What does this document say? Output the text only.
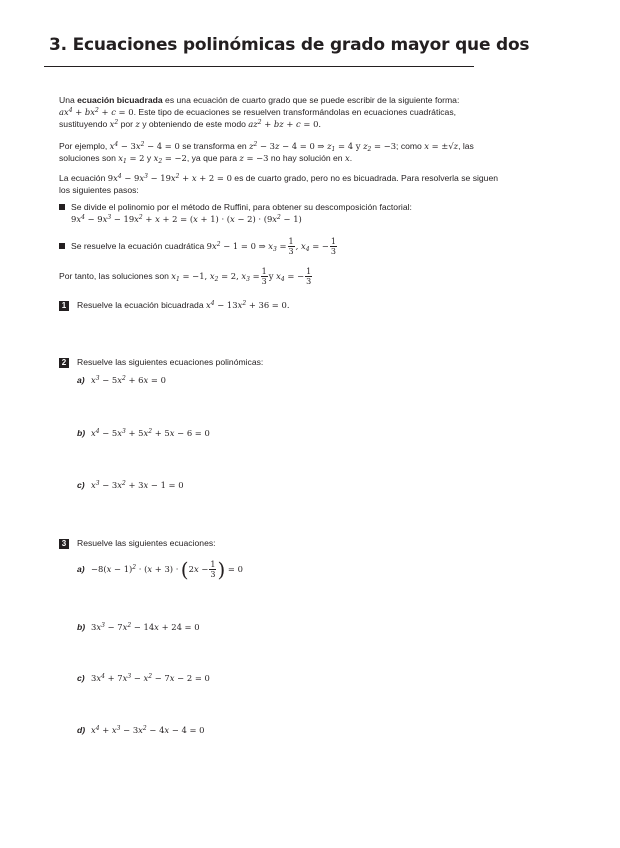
3. Ecuaciones polinómicas de grado mayor que dos
Una ecuación bicuadrada es una ecuación de cuarto grado que se puede escribir de la siguiente forma:
$ax^4 + bx^2 + c = 0$. Este tipo de ecuaciones se resuelven transformándolas en ecuaciones cuadráticas,
sustituyendo $x^2$ por z y obteniendo de este modo $az^2$ + bz + c = 0.
Por ejemplo, $x^4 - 3x^2 - 4 = 0$ se transforma en $z^2 - 3z - 4 = 0$ ⇒ $z_1 = 4$ y $z_2 = -3$; como x = ±√z, las
soluciones son $x_1 = 2$ y $x_2 = -2$, ya que para z = −3 no hay solución en x.
La ecuación $9x^4 - 9x^3 - 19x^2 + x + 2 = 0$ es de cuarto grado, pero no es bicuadrada. Para resolverla se siguen
los siguientes pasos:
Se divide el polinomio por el método de Ruffini, para obtener su descomposición factorial:
$9x^4 - 9x^3 - 19x^2 + x + 2 = (x + 1) \cdot (x - 2) \cdot (9x^2 - 1)$
Se resuelve la ecuación cuadrática $9x^2 - 1 = 0$ ⇒ $x_3 = \frac{1}{3}$ , $x_4$ = − $\frac{1}{3}$
Por tanto, las soluciones son $x_1 = -1$, $x_2 = 2$, $x_3 = \frac{1}{3}$ y $x_4$ = − $\frac{1}{3}$
1	Resuelve la ecuación bicuadrada $x^4 - 13x^2 + 36 = 0$.
2	Resuelve las siguientes ecuaciones polinómicas:
a) $x^3 - 5x^2 + 6x = 0$
b) $x^4 - 5x^3 + 5x^2 + 5x - 6 = 0$
c) $x^3 - 3x^2 + 3x - 1 = 0$
3	Resuelve las siguientes ecuaciones:
$a) -8(x - 1)^2 \cdot (x + 3) \cdot (2x - \frac{1}{3}$ ) = 0
b) $3x^3 - 7x^2 - 14x + 24 = 0$
c) $3x^4 + 7x^3 - x^2 - 7x - 2 = 0$
d) $x^4 + x^3 - 3x^2 - 4x - 4 = 0$
